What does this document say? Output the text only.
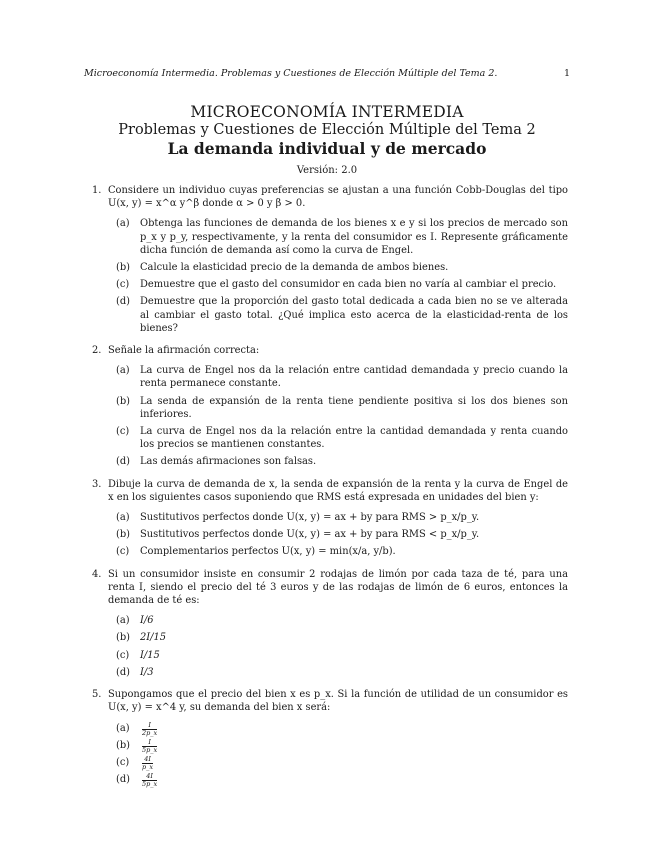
Microeconomía Intermedia. Problemas y Cuestiones de Elección Múltiple del Tema 2.	1
MICROECONOMÍA INTERMEDIA
Problemas y Cuestiones de Elección Múltiple del Tema 2
La demanda individual y de mercado
Versión: 2.0
1. Considere un individuo cuyas preferencias se ajustan a una función Cobb-Douglas del tipo U(x, y) = x^α y^β donde α > 0 y β > 0.
(a) Obtenga las funciones de demanda de los bienes x e y si los precios de mercado son p_x y p_y, respectivamente, y la renta del consumidor es I. Represente gráficamente dicha función de demanda así como la curva de Engel.
(b) Calcule la elasticidad precio de la demanda de ambos bienes.
(c) Demuestre que el gasto del consumidor en cada bien no varía al cambiar el precio.
(d) Demuestre que la proporción del gasto total dedicada a cada bien no se ve alterada al cambiar el gasto total. ¿Qué implica esto acerca de la elasticidad-renta de los bienes?
2. Señale la afirmación correcta:
(a) La curva de Engel nos da la relación entre cantidad demandada y precio cuando la renta permanece constante.
(b) La senda de expansión de la renta tiene pendiente positiva si los dos bienes son inferiores.
(c) La curva de Engel nos da la relación entre la cantidad demandada y renta cuando los precios se mantienen constantes.
(d) Las demás afirmaciones son falsas.
3. Dibuje la curva de demanda de x, la senda de expansión de la renta y la curva de Engel de x en los siguientes casos suponiendo que RMS está expresada en unidades del bien y:
(a) Sustitutivos perfectos donde U(x, y) = ax + by para RMS > p_x/p_y.
(b) Sustitutivos perfectos donde U(x, y) = ax + by para RMS < p_x/p_y.
(c) Complementarios perfectos U(x, y) = min(x/a, y/b).
4. Si un consumidor insiste en consumir 2 rodajas de limón por cada taza de té, para una renta I, siendo el precio del té 3 euros y de las rodajas de limón de 6 euros, entonces la demanda de té es:
(a) I/6
(b) 2I/15
(c) I/15
(d) I/3
5. Supongamos que el precio del bien x es p_x. Si la función de utilidad de un consumidor es U(x, y) = x^4 y, su demanda del bien x será:
$(a) \frac{I}{2p\_x}$
$(b) \frac{I}{5p\_x}$
$(c) \frac{4I}{p\_x}$
$(d) \frac{4I}{5p\_x}$
